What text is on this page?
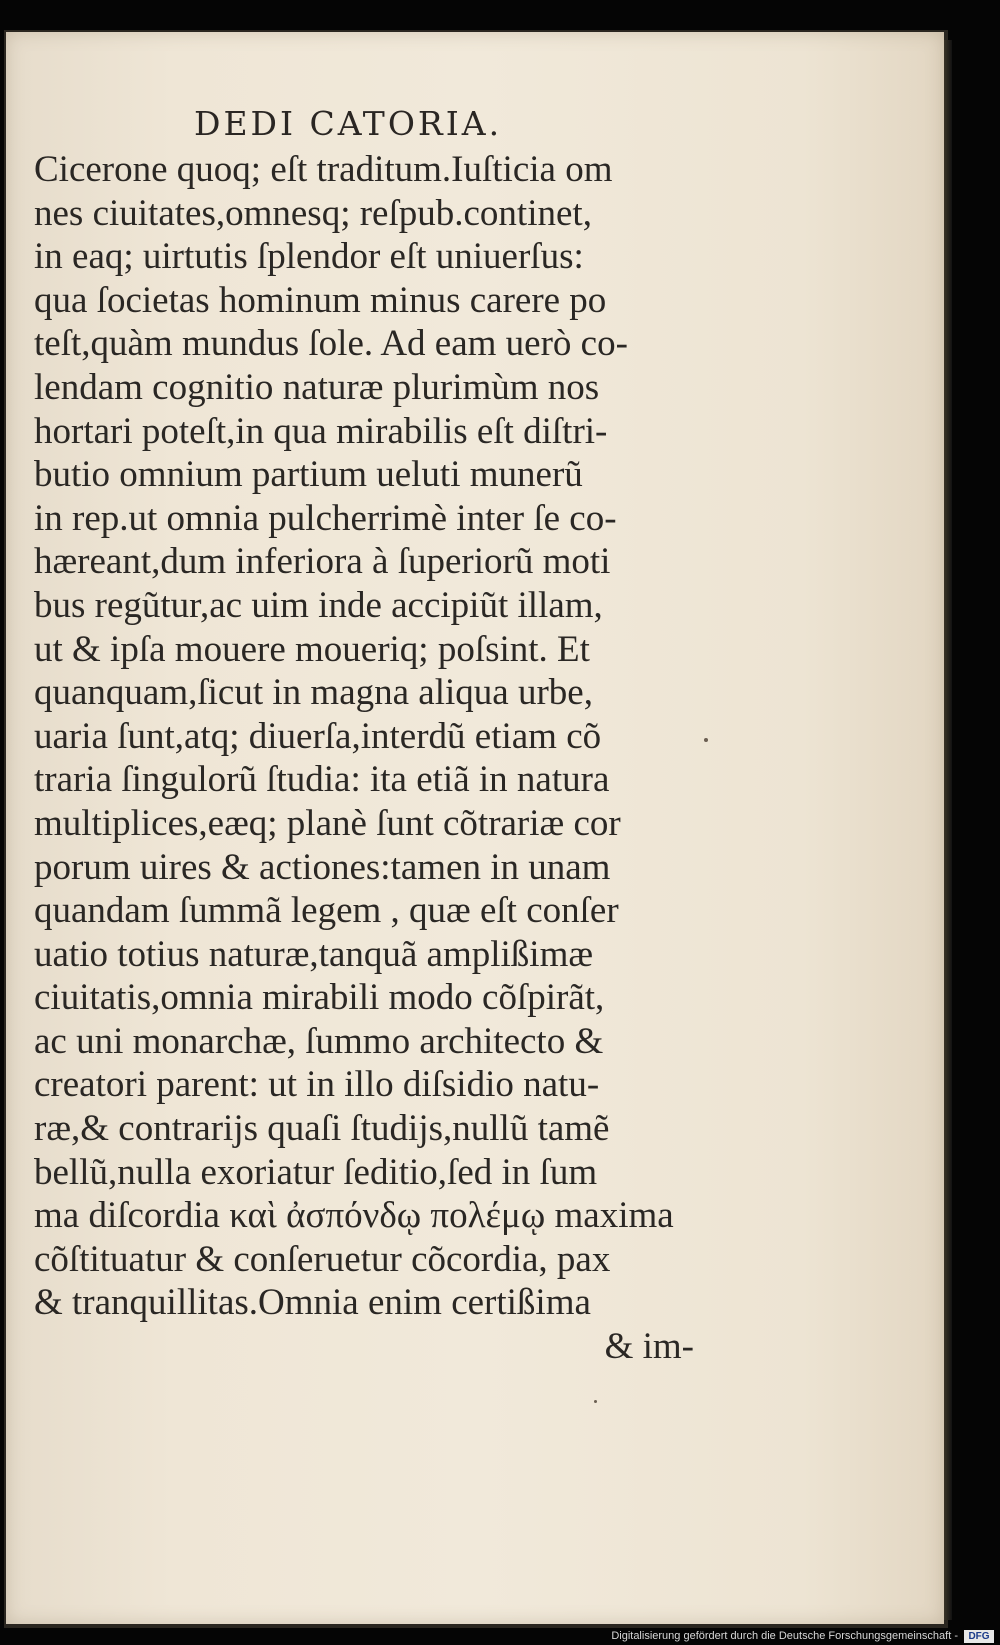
DEDI CATORIA.
Cicerone quoq; eſt traditum.Iuſticia om
nes ciuitates,omnesq; reſpub.continet,
in eaq; uirtutis ſplendor eſt uniuerſus:
qua ſocietas hominum minus carere po
teſt,quàm mundus ſole. Ad eam uerò co-
lendam cognitio naturæ plurimùm nos
hortari poteſt,in qua mirabilis eſt diſtri-
butio omnium partium ueluti munerũ
in rep.ut omnia pulcherrimè inter ſe co-
hæreant,dum inferiora à ſuperiorũ moti
bus regũtur,ac uim inde accipiũt illam,
ut & ipſa mouere moueriq; poſsint. Et
quanquam,ſicut in magna aliqua urbe,
uaria ſunt,atq; diuerſa,interdũ etiam cõ
traria ſingulorũ ſtudia: ita etiã in natura
multiplices,eæq; planè ſunt cõtrariæ cor
porum uires & actiones:tamen in unam
quandam ſummã legem , quæ eſt conſer
uatio totius naturæ,tanquã amplißimæ
ciuitatis,omnia mirabili modo cõſpirãt,
ac uni monarchæ, ſummo architecto &
creatori parent: ut in illo diſsidio natu-
ræ,& contrarijs quaſi ſtudijs,nullũ tamẽ
bellũ,nulla exoriatur ſeditio,ſed in ſum
ma diſcordia καὶ ἀσπόνδῳ πολέμῳ maxima
cõſtituatur & conſeruetur cõcordia, pax
& tranquillitas.Omnia enim certißima
& im-
Digitalisierung gefördert durch die Deutsche Forschungsgemeinschaft -	DFG
